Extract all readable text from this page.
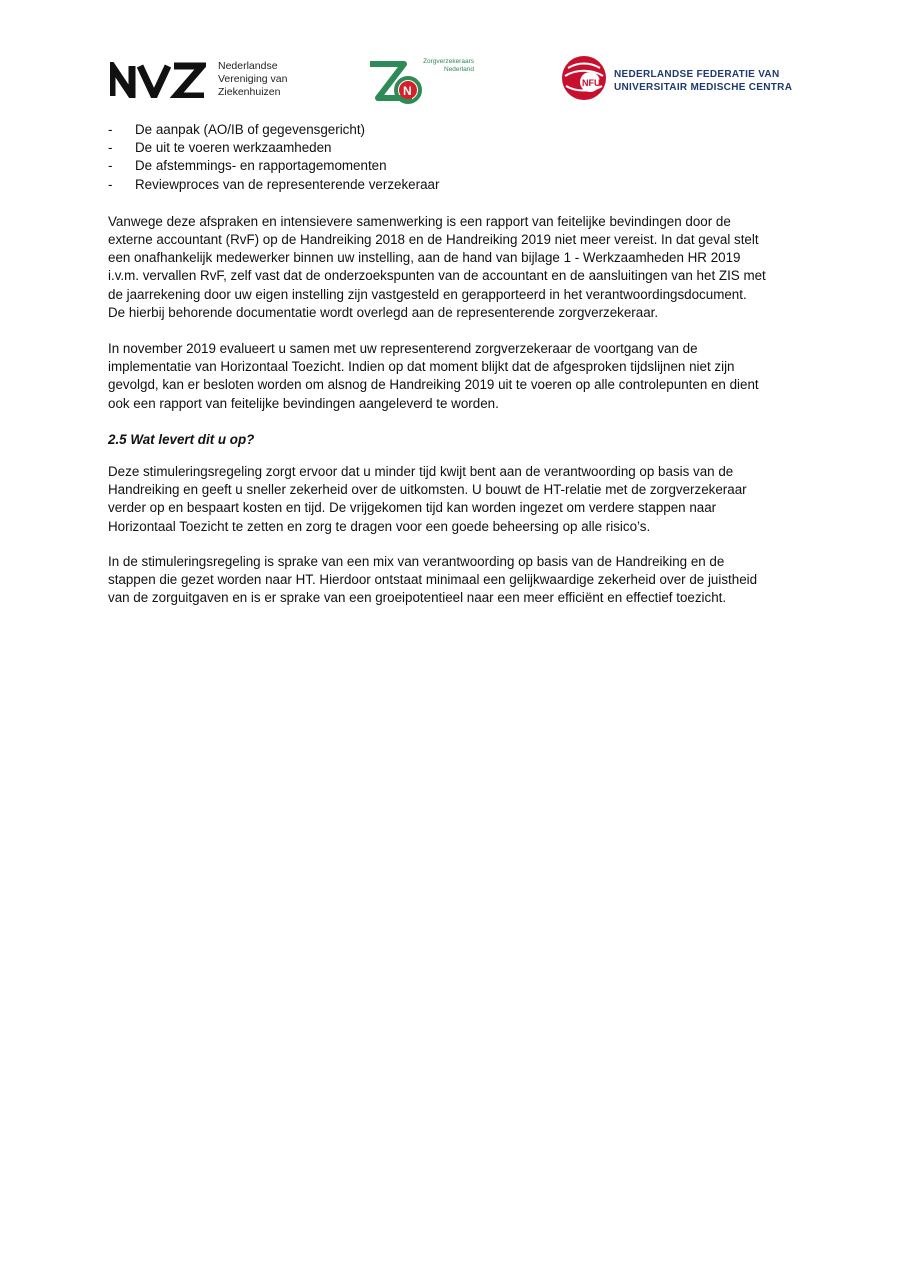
Nederlandse
Vereniging van
Ziekenhuizen	N
Zorgverzekeraars
Nederland
NFU
NEDERLANDSE FEDERATIE VAN
UNIVERSITAIR MEDISCHE CENTRA
- De aanpak (AO/IB of gegevensgericht)
- De uit te voeren werkzaamheden
- De afstemmings- en rapportagemomenten
- Reviewproces van de representerende verzekeraar

Vanwege deze afspraken en intensievere samenwerking is een rapport van feitelijke bevindingen door de
externe accountant (RvF) op de Handreiking 2018 en de Handreiking 2019 niet meer vereist. In dat geval stelt
een onafhankelijk medewerker binnen uw instelling, aan de hand van bijlage 1 - Werkzaamheden HR 2019
i.v.m. vervallen RvF, zelf vast dat de onderzoekspunten van de accountant en de aansluitingen van het ZIS met
de jaarrekening door uw eigen instelling zijn vastgesteld en gerapporteerd in het verantwoordingsdocument.
De hierbij behorende documentatie wordt overlegd aan de representerende zorgverzekeraar.

In november 2019 evalueert u samen met uw representerend zorgverzekeraar de voortgang van de
implementatie van Horizontaal Toezicht. Indien op dat moment blijkt dat de afgesproken tijdslijnen niet zijn
gevolgd, kan er besloten worden om alsnog de Handreiking 2019 uit te voeren op alle controlepunten en dient
ook een rapport van feitelijke bevindingen aangeleverd te worden.

2.5 Wat levert dit u op?

Deze stimuleringsregeling zorgt ervoor dat u minder tijd kwijt bent aan de verantwoording op basis van de
Handreiking en geeft u sneller zekerheid over de uitkomsten. U bouwt de HT-relatie met de zorgverzekeraar
verder op en bespaart kosten en tijd. De vrijgekomen tijd kan worden ingezet om verdere stappen naar
Horizontaal Toezicht te zetten en zorg te dragen voor een goede beheersing op alle risico’s.

In de stimuleringsregeling is sprake van een mix van verantwoording op basis van de Handreiking en de
stappen die gezet worden naar HT. Hierdoor ontstaat minimaal een gelijkwaardige zekerheid over de juistheid
van de zorguitgaven en is er sprake van een groeipotentieel naar een meer efficiënt en effectief toezicht.
